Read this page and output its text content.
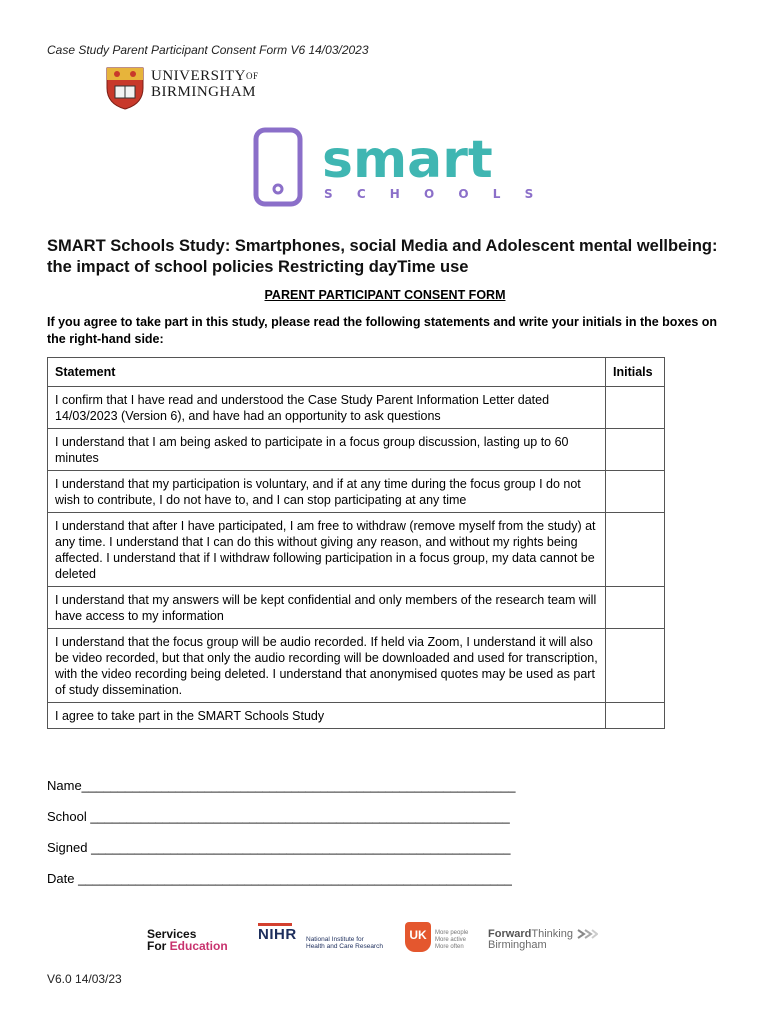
Case Study Parent Participant Consent Form V6 14/03/2023
$UNIVERSITY^{OF}$
BIRMINGHAM
smart
S C H O O L S
SMART Schools Study: Smartphones, social Media and Adolescent mental wellbeing: the impact of school policies Restricting dayTime use
PARENT PARTICIPANT CONSENT FORM
If you agree to take part in this study, please read the following statements and write your initials in the boxes on the right-hand side:
Statement	Initials
I confirm that I have read and understood the Case Study Parent Information Letter dated 14/03/2023 (Version 6), and have had an opportunity to ask questions	
I understand that I am being asked to participate in a focus group discussion, lasting up to 60 minutes	
I understand that my participation is voluntary, and if at any time during the focus group I do not wish to contribute, I do not have to, and I can stop participating at any time	
I understand that after I have participated, I am free to withdraw (remove myself from the study) at any time. I understand that I can do this without giving any reason, and without my rights being affected. I understand that if I withdraw following participation in a focus group, my data cannot be deleted	
I understand that my answers will be kept confidential and only members of the research team will have access to my information	
I understand that the focus group will be audio recorded. If held via Zoom, I understand it will also be video recorded, but that only the audio recording will be downloaded and used for transcription, with the video recording being deleted. I understand that anonymised quotes may be used as part of study dissemination.	
I agree to take part in the SMART Schools Study	
Name____________________________________________________________
School __________________________________________________________
Signed __________________________________________________________
Date ____________________________________________________________
Services
For Education
NIHR National Institute for
Health and Care Research
UK	More people
More active
More often
ForwardThinking
Birmingham
V6.0 14/03/23
